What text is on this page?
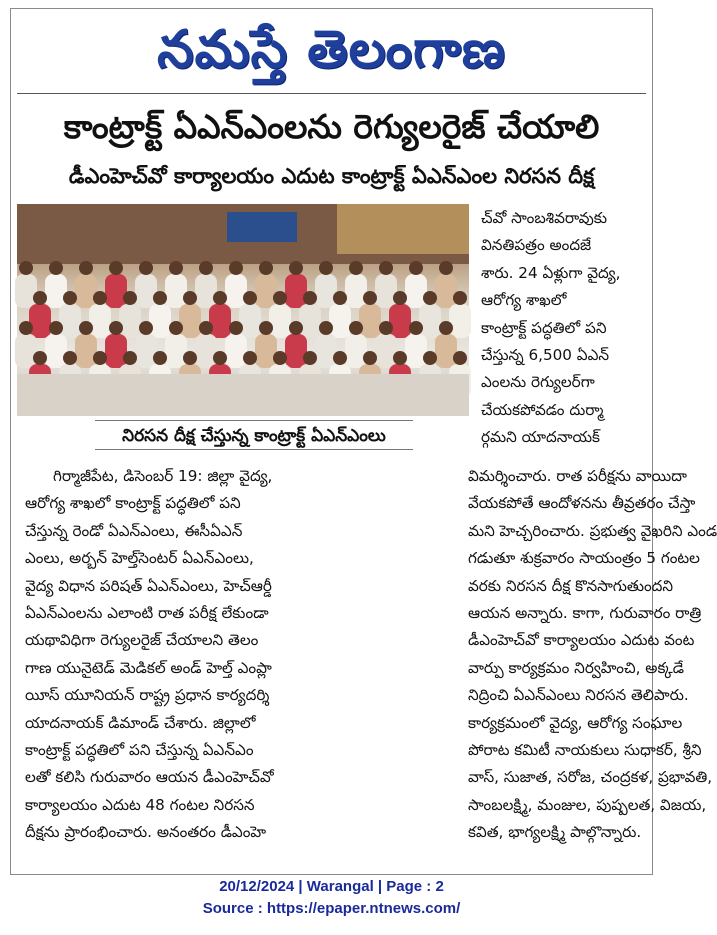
నమస్తే తెలంగాణ
కాంట్రాక్ట్ ఏఎన్ఎంలను రెగ్యులరైజ్ చేయాలి
డీఎంహెచ్‌వో కార్యాలయం ఎదుట కాంట్రాక్ట్ ఏఎన్ఎంల నిరసన దీక్ష
నిరసన దీక్ష చేస్తున్న కాంట్రాక్ట్ ఏఎన్ఎంలు
చ్‌వో సాంబశివరావుకు
వినతిపత్రం అందజే
శారు. 24 ఏళ్లుగా వైద్య,
ఆరోగ్య శాఖలో
కాంట్రాక్ట్ పద్ధతిలో పని
చేస్తున్న 6,500 ఏఎన్
ఎంలను రెగ్యులర్‌గా
చేయకపోవడం దుర్మా
ర్గమని యాదనాయక్
గిర్మాజీపేట, డిసెంబర్ 19: జిల్లా వైద్య,
ఆరోగ్య శాఖలో కాంట్రాక్ట్ పద్ధతిలో పని
చేస్తున్న రెండో ఏఎన్ఎంలు, ఈసీఏఎన్
ఎంలు, అర్బన్ హెల్త్‌సెంటర్ ఏఎన్ఎంలు,
వైద్య విధాన పరిషత్ ఏఎన్ఎంలు, హెచ్ఆర్డీ
ఏఎన్ఎంలను ఎలాంటి రాత పరీక్ష లేకుండా
యథావిధిగా రెగ్యులరైజ్ చేయాలని తెలం
గాణ యునైటెడ్ మెడికల్ అండ్ హెల్త్ ఎంప్లా
యీస్ యూనియన్ రాష్ట్ర ప్రధాన కార్యదర్శి
యాదనాయక్ డిమాండ్ చేశారు. జిల్లాలో
కాంట్రాక్ట్ పద్ధతిలో పని చేస్తున్న ఏఎన్ఎం
లతో కలిసి గురువారం ఆయన డీఎంహెచ్‌వో
కార్యాలయం ఎదుట 48 గంటల నిరసన
దీక్షను ప్రారంభించారు. అనంతరం డీఎంహె
విమర్శించారు. రాత పరీక్షను వాయిదా
వేయకపోతే ఆందోళనను తీవ్రతరం చేస్తా
మని హెచ్చరించారు. ప్రభుత్వ వైఖరిని ఎండ
గడుతూ శుక్రవారం సాయంత్రం 5 గంటల
వరకు నిరసన దీక్ష కొనసాగుతుందని
ఆయన అన్నారు. కాగా, గురువారం రాత్రి
డీఎంహెచ్‌వో కార్యాలయం ఎదుట వంట
వార్పు కార్యక్రమం నిర్వహించి, అక్కడే
నిద్రించి ఏఎన్ఎంలు నిరసన తెలిపారు.
కార్యక్రమంలో వైద్య, ఆరోగ్య సంఘాల
పోరాట కమిటీ నాయకులు సుధాకర్, శ్రీని
వాస్, సుజాత, సరోజ, చంద్రకళ, ప్రభావతి,
సాంబలక్ష్మి, మంజుల, పుష్పలత, విజయ,
కవిత, భాగ్యలక్ష్మి పాల్గొన్నారు.
20/12/2024 | Warangal | Page : 2
Source : https://epaper.ntnews.com/
